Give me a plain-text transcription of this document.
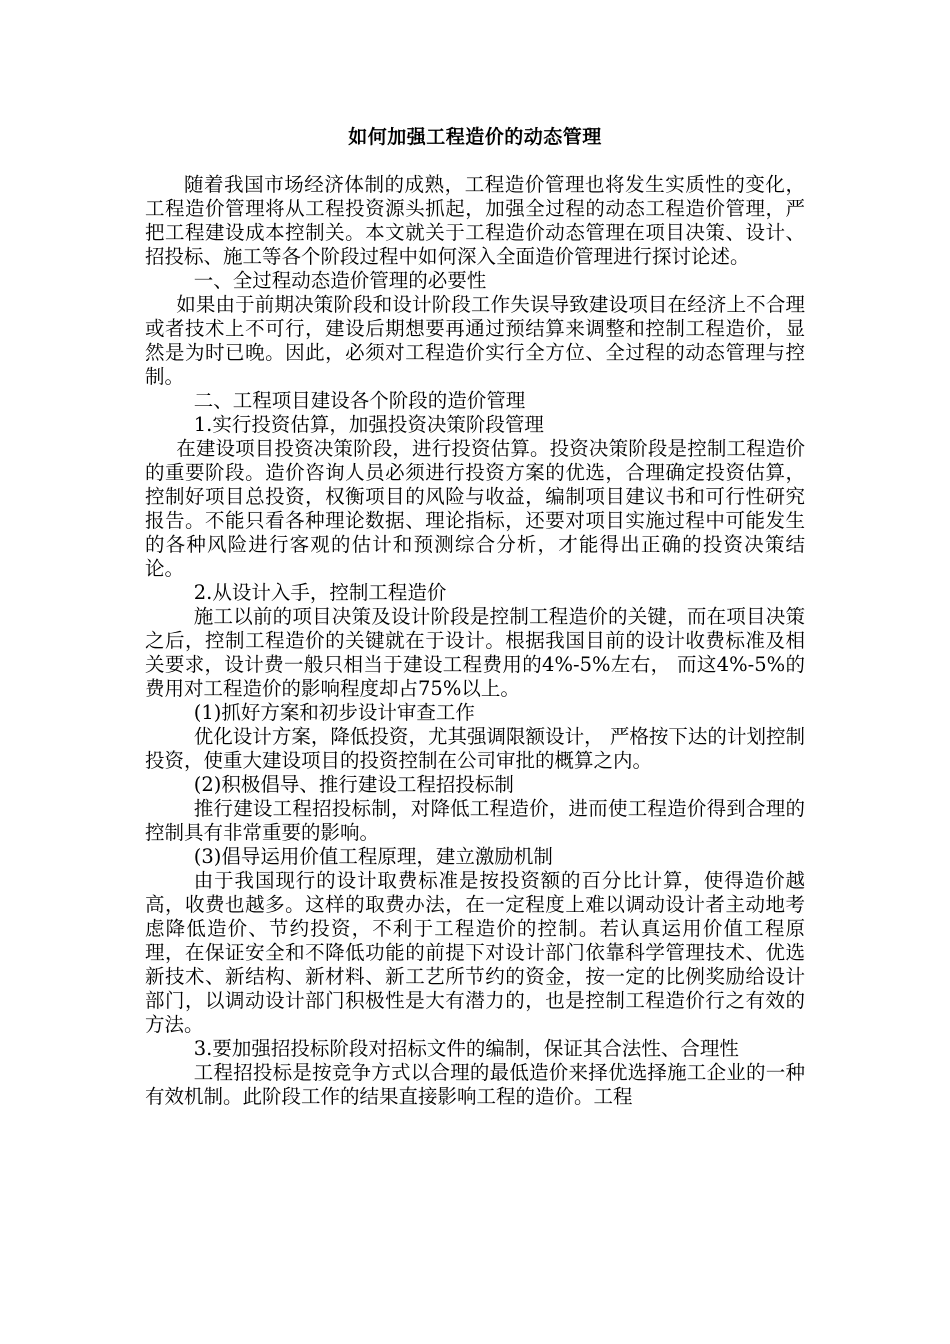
如何加强工程造价的动态管理

随着我国市场经济体制的成熟，工程造价管理也将发生实质性的变化，工程造价管理将从工程投资源头抓起，加强全过程的动态工程造价管理，严把工程建设成本控制关。本文就关于工程造价动态管理在项目决策、设计、招投标、施工等各个阶段过程中如何深入全面造价管理进行探讨论述。

一、全过程动态造价管理的必要性

如果由于前期决策阶段和设计阶段工作失误导致建设项目在经济上不合理或者技术上不可行，建设后期想要再通过预结算来调整和控制工程造价，显然是为时已晚。因此，必须对工程造价实行全方位、全过程的动态管理与控制。

二、工程项目建设各个阶段的造价管理

1.实行投资估算，加强投资决策阶段管理

在建设项目投资决策阶段，进行投资估算。投资决策阶段是控制工程造价的重要阶段。造价咨询人员必须进行投资方案的优选，合理确定投资估算，控制好项目总投资，权衡项目的风险与收益，编制项目建议书和可行性研究报告。不能只看各种理论数据、理论指标，还要对项目实施过程中可能发生的各种风险进行客观的估计和预测综合分析，才能得出正确的投资决策结论。

2.从设计入手，控制工程造价

施工以前的项目决策及设计阶段是控制工程造价的关键，而在项目决策之后，控制工程造价的关键就在于设计。根据我国目前的设计收费标准及相关要求，设计费一般只相当于建设工程费用的4%-5%左右， 而这4%-5%的费用对工程造价的影响程度却占75%以上。

(1)抓好方案和初步设计审查工作

优化设计方案，降低投资，尤其强调限额设计， 严格按下达的计划控制投资，使重大建设项目的投资控制在公司审批的概算之内。

(2)积极倡导、推行建设工程招投标制

推行建设工程招投标制，对降低工程造价，进而使工程造价得到合理的控制具有非常重要的影响。

(3)倡导运用价值工程原理，建立激励机制

由于我国现行的设计取费标准是按投资额的百分比计算，使得造价越高，收费也越多。这样的取费办法，在一定程度上难以调动设计者主动地考虑降低造价、节约投资，不利于工程造价的控制。若认真运用价值工程原理，在保证安全和不降低功能的前提下对设计部门依靠科学管理技术、优选新技术、新结构、新材料、新工艺所节约的资金，按一定的比例奖励给设计部门，以调动设计部门积极性是大有潜力的，也是控制工程造价行之有效的方法。

3.要加强招投标阶段对招标文件的编制，保证其合法性、合理性

工程招投标是按竞争方式以合理的最低造价来择优选择施工企业的一种有效机制。此阶段工作的结果直接影响工程的造价。工程
